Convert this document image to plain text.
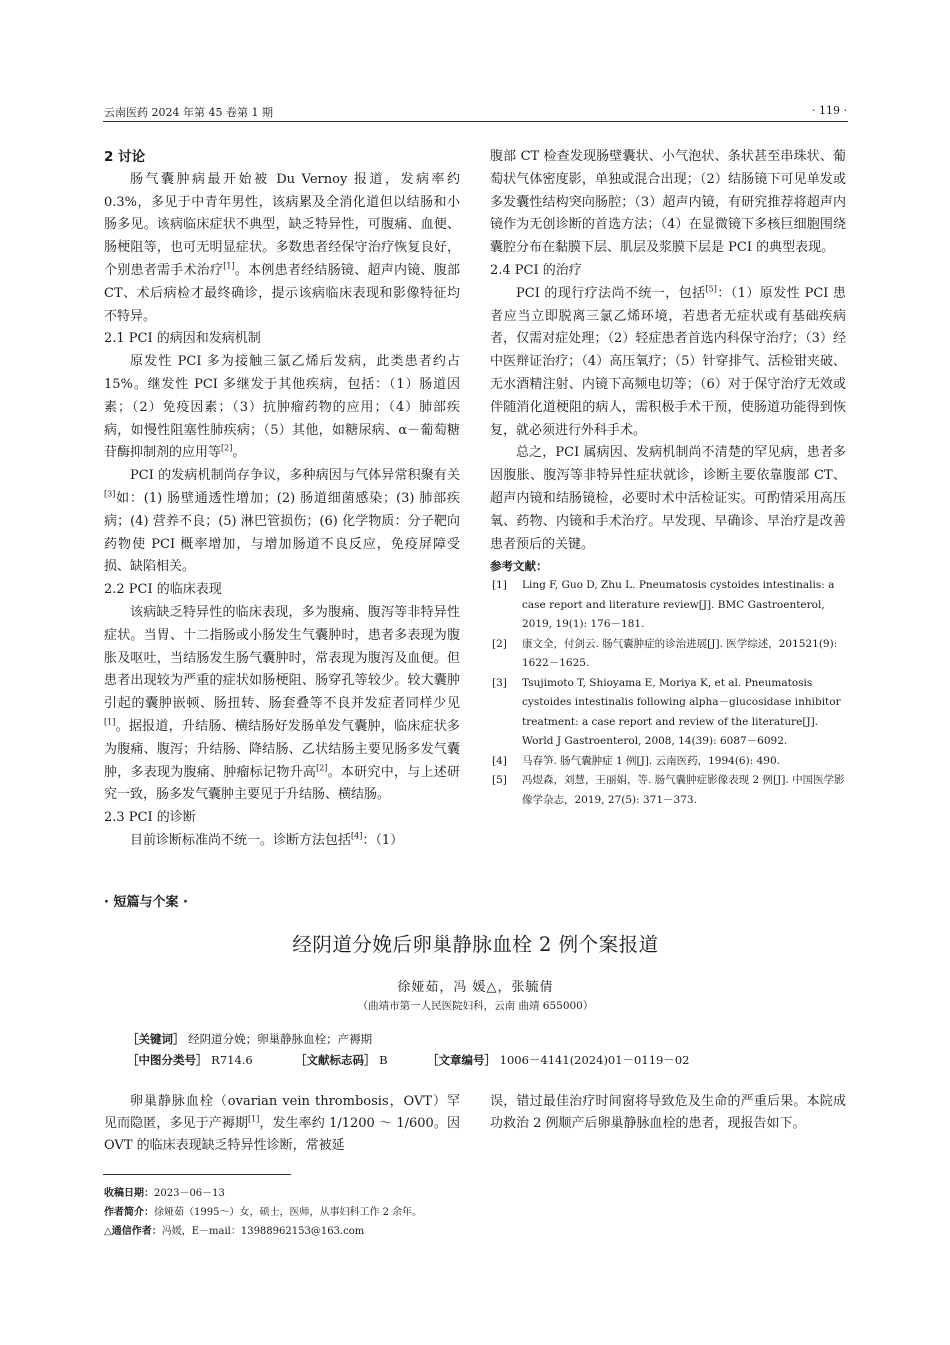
云南医药 2024 年第 45 卷第 1 期	· 119 ·

2 讨论

肠气囊肿病最开始被 Du Vernoy 报道，发病率约 0.3%，多见于中青年男性，该病累及全消化道但以结肠和小肠多见。该病临床症状不典型，缺乏特异性，可腹痛、血便、肠梗阻等，也可无明显症状。多数患者经保守治疗恢复良好，个别患者需手术治疗[1]。本例患者经结肠镜、超声内镜、腹部 CT、术后病检才最终确诊，提示该病临床表现和影像特征均不特异。

2.1 PCI 的病因和发病机制

原发性 PCI 多为接触三氯乙烯后发病，此类患者约占 15%。继发性 PCI 多继发于其他疾病，包括：（1）肠道因素；（2）免疫因素；（3）抗肿瘤药物的应用；（4）肺部疾病，如慢性阻塞性肺疾病；（5）其他，如糖尿病、α－葡萄糖苷酶抑制剂的应用等[2]。

PCI 的发病机制尚存争议，多种病因与气体异常积聚有关[3]如：(1) 肠壁通透性增加；(2) 肠道细菌感染；(3) 肺部疾病；(4) 营养不良；(5) 淋巴管损伤；(6) 化学物质：分子靶向药物使 PCI 概率增加，与增加肠道不良反应，免疫屏障受损、缺陷相关。

2.2 PCI 的临床表现

该病缺乏特异性的临床表现，多为腹痛、腹泻等非特异性症状。当胃、十二指肠或小肠发生气囊肿时，患者多表现为腹胀及呕吐，当结肠发生肠气囊肿时，常表现为腹泻及血便。但患者出现较为严重的症状如肠梗阻、肠穿孔等较少。较大囊肿引起的囊肿嵌顿、肠扭转、肠套叠等不良并发症者同样少见[1]。据报道，升结肠、横结肠好发肠单发气囊肿，临床症状多为腹痛、腹泻；升结肠、降结肠、乙状结肠主要见肠多发气囊肿，多表现为腹痛、肿瘤标记物升高[2]。本研究中，与上述研究一致，肠多发气囊肿主要见于升结肠、横结肠。

2.3 PCI 的诊断

目前诊断标准尚不统一。诊断方法包括[4]：（1）

腹部 CT 检查发现肠壁囊状、小气泡状、条状甚至串珠状、葡萄状气体密度影，单独或混合出现；（2）结肠镜下可见单发或多发囊性结构突向肠腔；（3）超声内镜，有研究推荐将超声内镜作为无创诊断的首选方法；（4）在显微镜下多核巨细胞围绕囊腔分布在黏膜下层、肌层及浆膜下层是 PCI 的典型表现。

2.4 PCI 的治疗

PCI 的现行疗法尚不统一，包括[5]：（1）原发性 PCI 患者应当立即脱离三氯乙烯环境，若患者无症状或有基础疾病者，仅需对症处理；（2）轻症患者首选内科保守治疗；（3）经中医辩证治疗；（4）高压氧疗；（5）针穿排气、活检钳夹破、无水酒精注射、内镜下高频电切等；（6）对于保守治疗无效或伴随消化道梗阻的病人，需积极手术干预，使肠道功能得到恢复，就必须进行外科手术。

总之，PCI 属病因、发病机制尚不清楚的罕见病，患者多因腹胀、腹泻等非特异性症状就诊，诊断主要依靠腹部 CT、超声内镜和结肠镜检，必要时术中活检证实。可酌情采用高压氧、药物、内镜和手术治疗。早发现、早确诊、早治疗是改善患者预后的关键。

参考文献：

[1] Ling F, Guo D, Zhu L. Pneumatosis cystoides intestinalis: a case report and literature review[J]. BMC Gastroenterol, 2019, 19(1): 176－181.

[2] 康文全，付剑云. 肠气囊肿症的诊治进展[J]. 医学综述，201521(9): 1622－1625.

[3] Tsujimoto T, Shioyama E, Moriya K, et al. Pneumatosis cystoides intestinalis following alpha－glucosidase inhibitor treatment: a case report and review of the literature[J]. World J Gastroenterol, 2008, 14(39): 6087－6092.

[4] 马春笋. 肠气囊肿症 1 例[J]. 云南医药，1994(6): 490.

[5] 冯煜森，刘慧，王丽娟，等. 肠气囊肿症影像表现 2 例[J]. 中国医学影像学杂志，2019, 27(5): 371－373.

· 短篇与个案 ·
经阴道分娩后卵巢静脉血栓 2 例个案报道
徐娅茹，冯 媛△，张毓倩
（曲靖市第一人民医院妇科，云南 曲靖 655000）
［关键词］ 经阴道分娩；卵巢静脉血栓；产褥期
［中图分类号］ R714.6	［文献标志码］ B	［文章编号］ 1006－4141(2024)01－0119－02

卵巢静脉血栓（ovarian vein thrombosis，OVT）罕见而隐匿，多见于产褥期[1]，发生率约 1/1200 ～ 1/600。因 OVT 的临床表现缺乏特异性诊断，常被延

误，错过最佳治疗时间窗将导致危及生命的严重后果。本院成功救治 2 例顺产后卵巢静脉血栓的患者，现报告如下。

收稿日期：2023－06－13
作者简介：徐娅茹（1995～）女，硕士，医师，从事妇科工作 2 余年。
△通信作者：冯媛，E－mail：13988962153@163.com
